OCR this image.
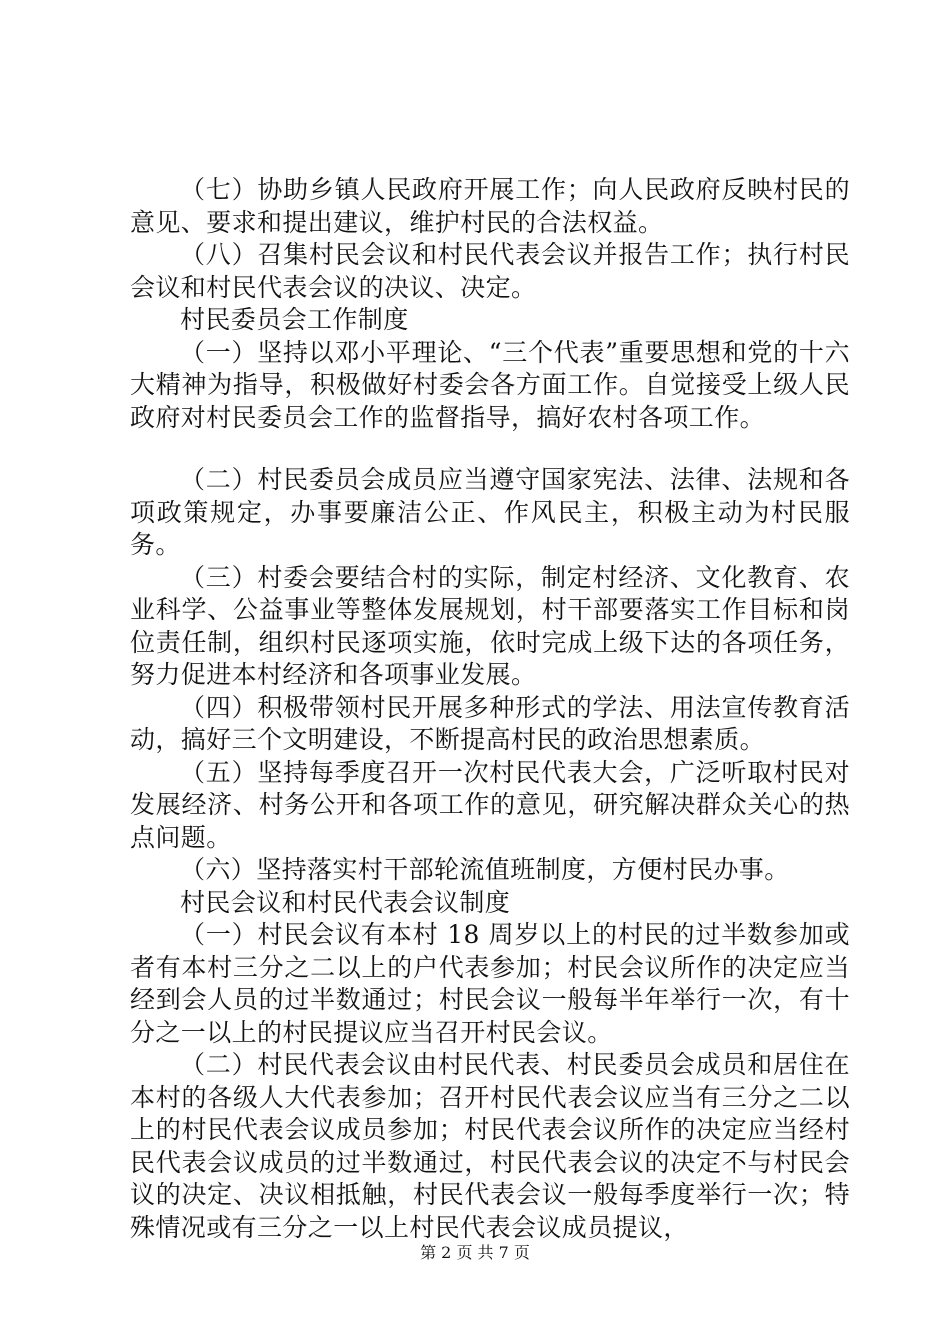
（七）协助乡镇人民政府开展工作；向人民政府反映村民的意见、要求和提出建议，维护村民的合法权益。

（八）召集村民会议和村民代表会议并报告工作；执行村民会议和村民代表会议的决议、决定。

村民委员会工作制度

（一）坚持以邓小平理论、“三个代表”重要思想和党的十六大精神为指导，积极做好村委会各方面工作。自觉接受上级人民政府对村民委员会工作的监督指导，搞好农村各项工作。

（二）村民委员会成员应当遵守国家宪法、法律、法规和各项政策规定，办事要廉洁公正、作风民主，积极主动为村民服务。

（三）村委会要结合村的实际，制定村经济、文化教育、农业科学、公益事业等整体发展规划，村干部要落实工作目标和岗位责任制，组织村民逐项实施，依时完成上级下达的各项任务，努力促进本村经济和各项事业发展。

（四）积极带领村民开展多种形式的学法、用法宣传教育活动，搞好三个文明建设，不断提高村民的政治思想素质。

（五）坚持每季度召开一次村民代表大会，广泛听取村民对发展经济、村务公开和各项工作的意见，研究解决群众关心的热点问题。

（六）坚持落实村干部轮流值班制度，方便村民办事。

村民会议和村民代表会议制度

（一）村民会议有本村 18 周岁以上的村民的过半数参加或者有本村三分之二以上的户代表参加；村民会议所作的决定应当经到会人员的过半数通过；村民会议一般每半年举行一次，有十分之一以上的村民提议应当召开村民会议。

（二）村民代表会议由村民代表、村民委员会成员和居住在本村的各级人大代表参加；召开村民代表会议应当有三分之二以上的村民代表会议成员参加；村民代表会议所作的决定应当经村民代表会议成员的过半数通过，村民代表会议的决定不与村民会议的决定、决议相抵触，村民代表会议一般每季度举行一次；特殊情况或有三分之一以上村民代表会议成员提议，

第 2 页 共 7 页
